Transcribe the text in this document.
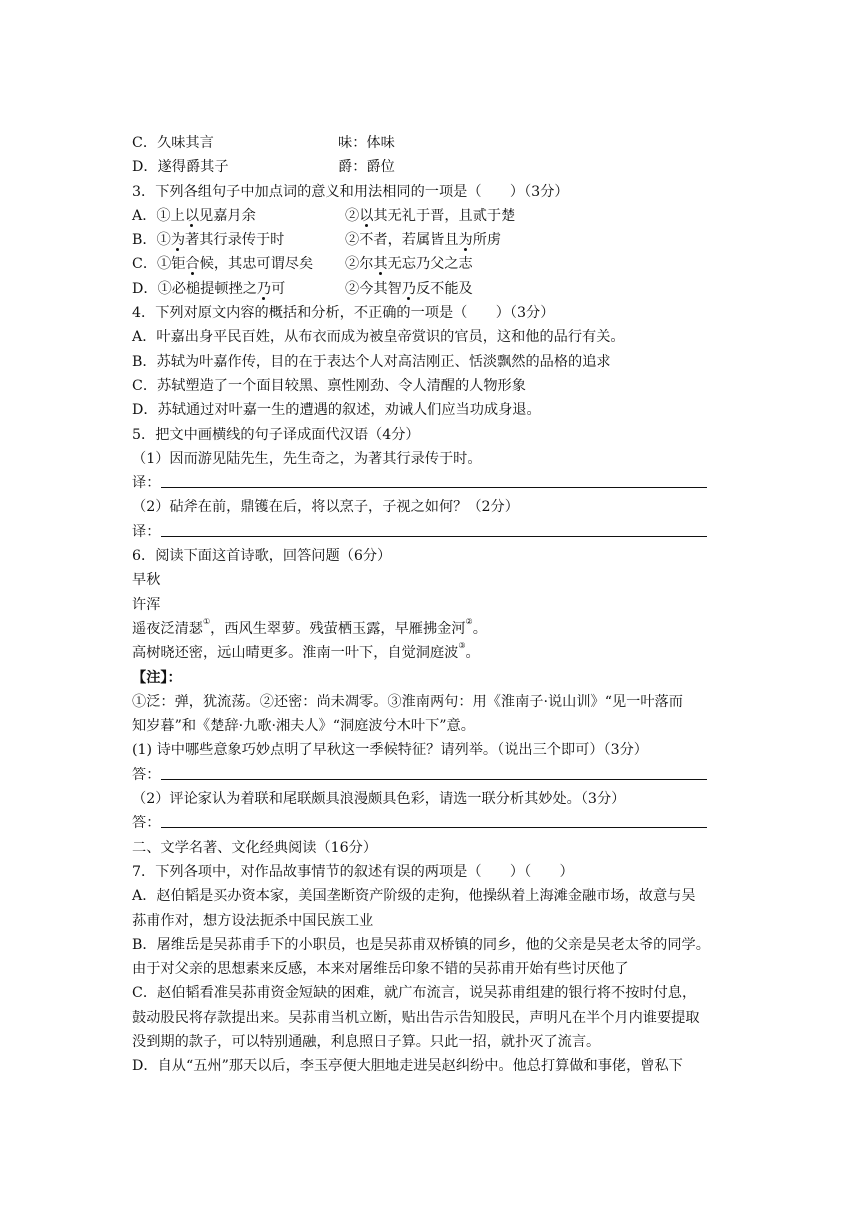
C．久味其言	味：体味
D．遂得爵其子	爵：爵位
3．下列各组句子中加点词的意义和用法相同的一项是（　　）（3分）
A．①上以见嘉月余	②以其无礼于晋，且贰于楚
B．①为著其行录传于时	②不者，若属皆且为所虏
C．①钜合候，其忠可谓尽矣 ②尔其无忘乃父之志
D．①必槌提顿挫之乃可	②今其智乃反不能及
4．下列对原文内容的概括和分析，不正确的一项是（　　）（3分）
A．叶嘉出身平民百姓，从布衣而成为被皇帝赏识的官员，这和他的品行有关。
B．苏轼为叶嘉作传，目的在于表达个人对高洁刚正、恬淡飘然的品格的追求
C．苏轼塑造了一个面目较黑、禀性刚劲、令人清醒的人物形象
D．苏轼通过对叶嘉一生的遭遇的叙述，劝诫人们应当功成身退。
5．把文中画横线的句子译成面代汉语（4分）
（1）因而游见陆先生，先生奇之，为著其行录传于时。
译：
（2）砧斧在前，鼎镬在后，将以烹子，子视之如何？（2分）
译：
6．阅读下面这首诗歌，回答问题（6分）
早秋
许浑
遥夜泛清瑟①，西风生翠萝。残萤栖玉露，早雁拂金河②。
高树晓还密，远山晴更多。淮南一叶下，自觉洞庭波③。
【注】：
①泛：弹，犹流荡。②还密：尚未凋零。③淮南两句：用《淮南子·说山训》“见一叶落而
知岁暮”和《楚辞·九歌·湘夫人》“洞庭波兮木叶下”意。
(1) 诗中哪些意象巧妙点明了早秋这一季候特征？请列举。（说出三个即可）（3分）
答：
（2）评论家认为着联和尾联颇具浪漫颇具色彩，请选一联分析其妙处。（3分）
答：
二、文学名著、文化经典阅读（16分）
7．下列各项中，对作品故事情节的叙述有误的两项是（　　）（　　）
A．赵伯韬是买办资本家，美国垄断资产阶级的走狗，他操纵着上海滩金融市场，故意与吴
荪甫作对，想方设法扼杀中国民族工业
B．屠维岳是吴荪甫手下的小职员，也是吴荪甫双桥镇的同乡，他的父亲是吴老太爷的同学。
由于对父亲的思想素来反感，本来对屠维岳印象不错的吴荪甫开始有些讨厌他了
C．赵伯韬看准吴荪甫资金短缺的困难，就广布流言，说吴荪甫组建的银行将不按时付息，
鼓动股民将存款提出来。吴荪甫当机立断，贴出告示告知股民，声明凡在半个月内谁要提取
没到期的款子，可以特别通融，利息照日子算。只此一招，就扑灭了流言。
D．自从“五州”那天以后，李玉亭便大胆地走进吴赵纠纷中。他总打算做和事佬，曾私下
